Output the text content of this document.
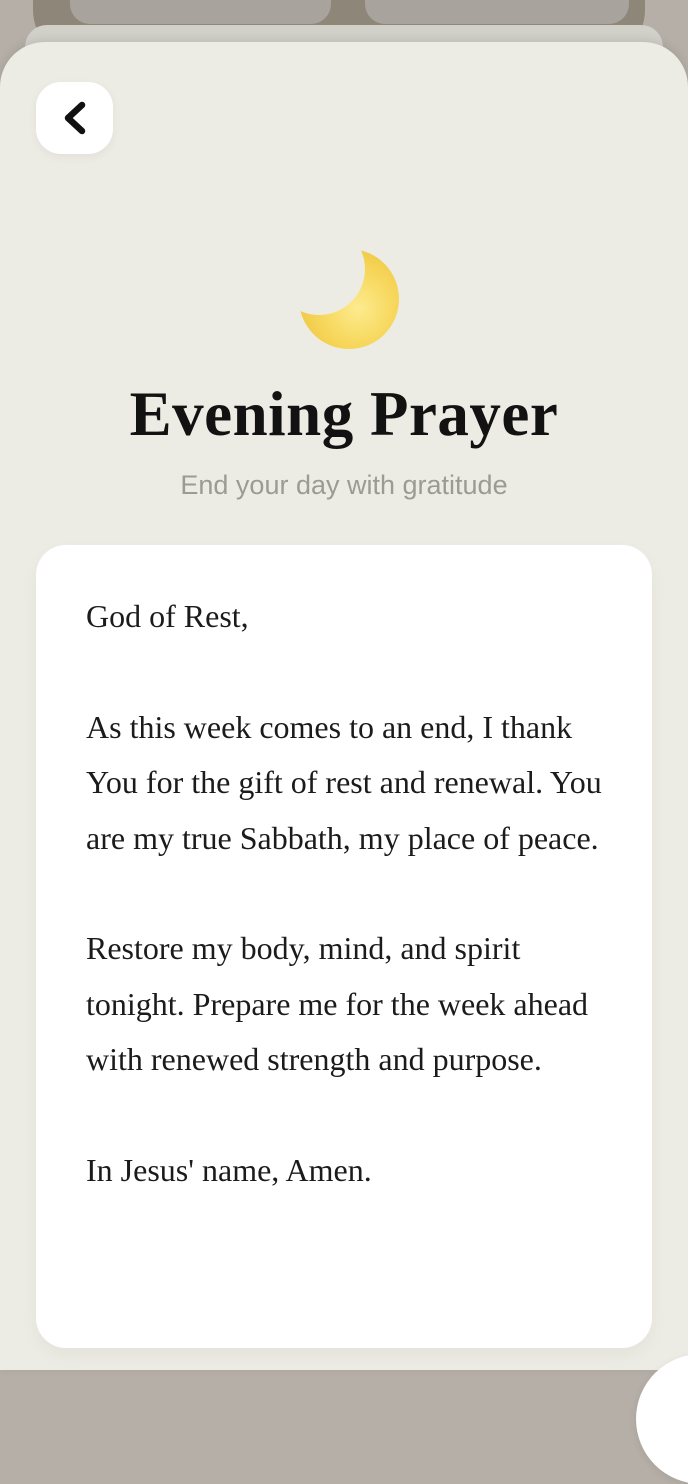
Evening Prayer
End your day with gratitude

God of Rest,

As this week comes to an end, I thank You for the gift of rest and renewal. You are my true Sabbath, my place of peace.

Restore my body, mind, and spirit tonight. Prepare me for the week ahead with renewed strength and purpose.

In Jesus' name, Amen.
